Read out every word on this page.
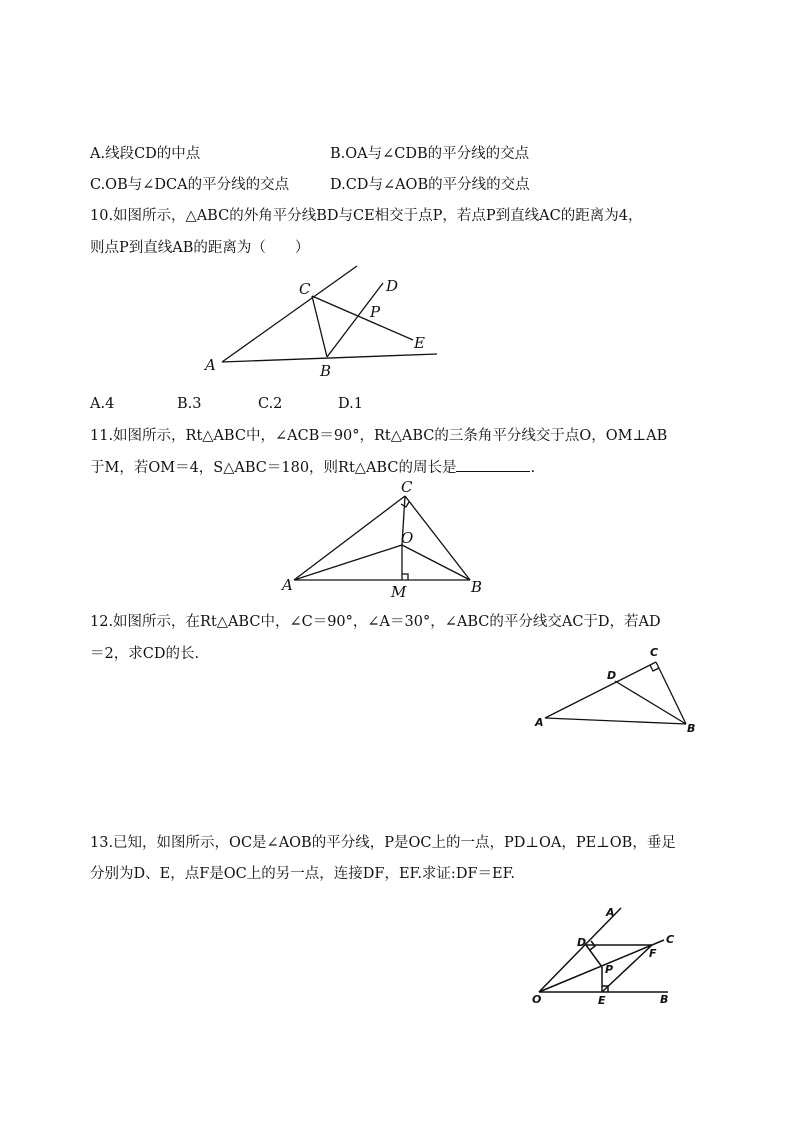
A.线段CD的中点	B.OA与∠CDB的平分线的交点
C.OB与∠DCA的平分线的交点	D.CD与∠AOB的平分线的交点
10.如图所示，△ABC的外角平分线BD与CE相交于点P，若点P到直线AC的距离为4，
则点P到直线AB的距离为（　　）
C	D
P
E
A	B
A.4	B.3	C.2	D.1
11.如图所示，Rt△ABC中，∠ACB＝90°，Rt△ABC的三条角平分线交于点O，OM⊥AB
于M，若OM＝4，S△ABC＝180，则Rt△ABC的周长是	.
C
O
A	M	B
12.如图所示，在Rt△ABC中，∠C＝90°，∠A＝30°，∠ABC的平分线交AC于D，若AD
＝2，求CD的长.	C
D
A	B
13.已知，如图所示，OC是∠AOB的平分线，P是OC上的一点，PD⊥OA，PE⊥OB，垂足
分别为D、E，点F是OC上的另一点，连接DF，EF.求证:DF＝EF.
A
C
D
F
P
O	E	B
